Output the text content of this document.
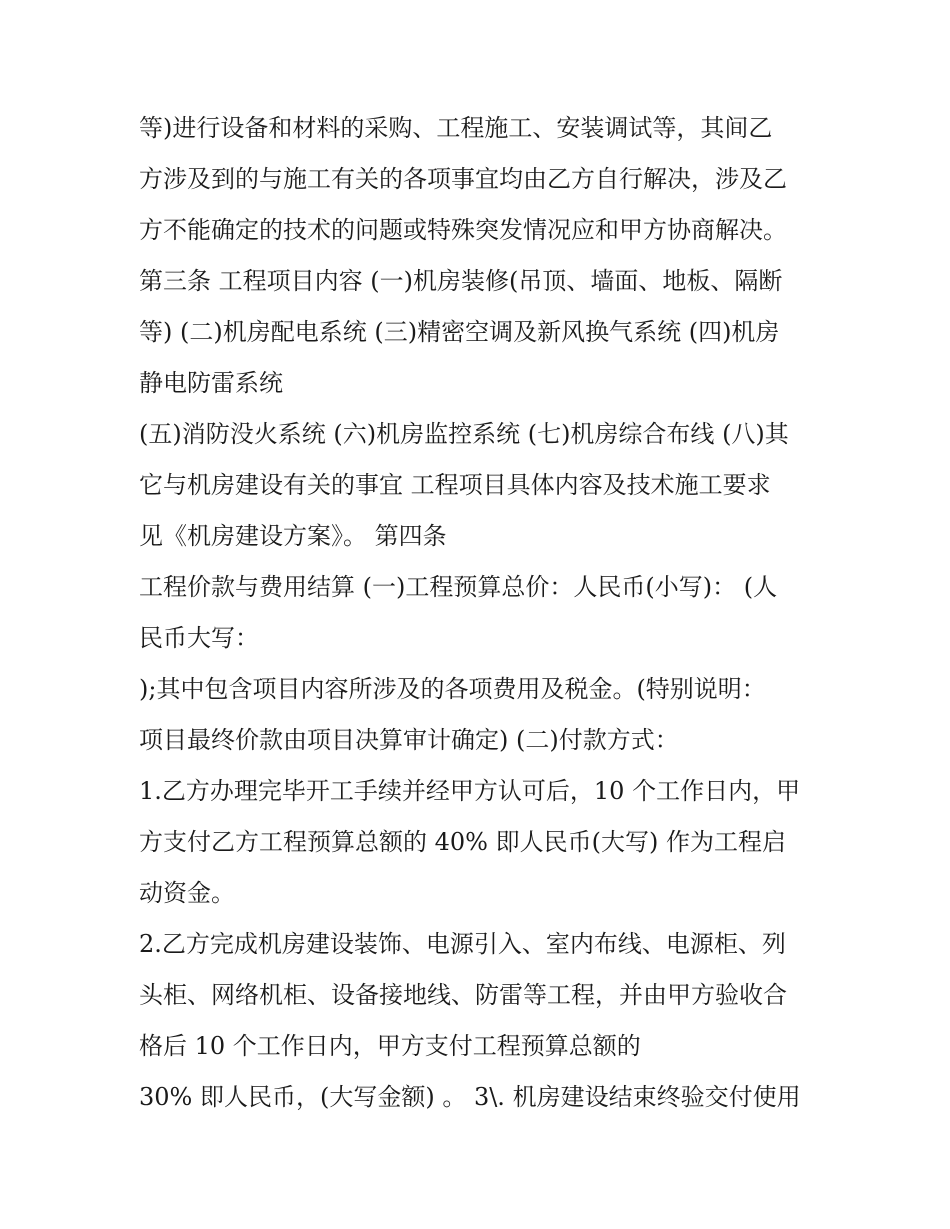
等)进行设备和材料的采购、工程施工、安装调试等，其间乙
方涉及到的与施工有关的各项事宜均由乙方自行解决，涉及乙
方不能确定的技术的问题或特殊突发情况应和甲方协商解决。
第三条 工程项目内容 (一)机房装修(吊顶、墙面、地板、隔断
等) (二)机房配电系统 (三)精密空调及新风换气系统 (四)机房
静电防雷系统
(五)消防没火系统 (六)机房监控系统 (七)机房综合布线 (八)其
它与机房建设有关的事宜 工程项目具体内容及技术施工要求
见《机房建设方案》。 第四条
工程价款与费用结算 (一)工程预算总价：人民币(小写)： (人
民币大写：
);其中包含项目内容所涉及的各项费用及税金。(特别说明：
项目最终价款由项目决算审计确定) (二)付款方式：
1.乙方办理完毕开工手续并经甲方认可后，10 个工作日内，甲
方支付乙方工程预算总额的 40% 即人民币(大写) 作为工程启
动资金。
2.乙方完成机房建设装饰、电源引入、室内布线、电源柜、列
头柜、网络机柜、设备接地线、防雷等工程，并由甲方验收合
格后 10 个工作日内，甲方支付工程预算总额的
30% 即人民币，(大写金额) 。 3\. 机房建设结束终验交付使用
